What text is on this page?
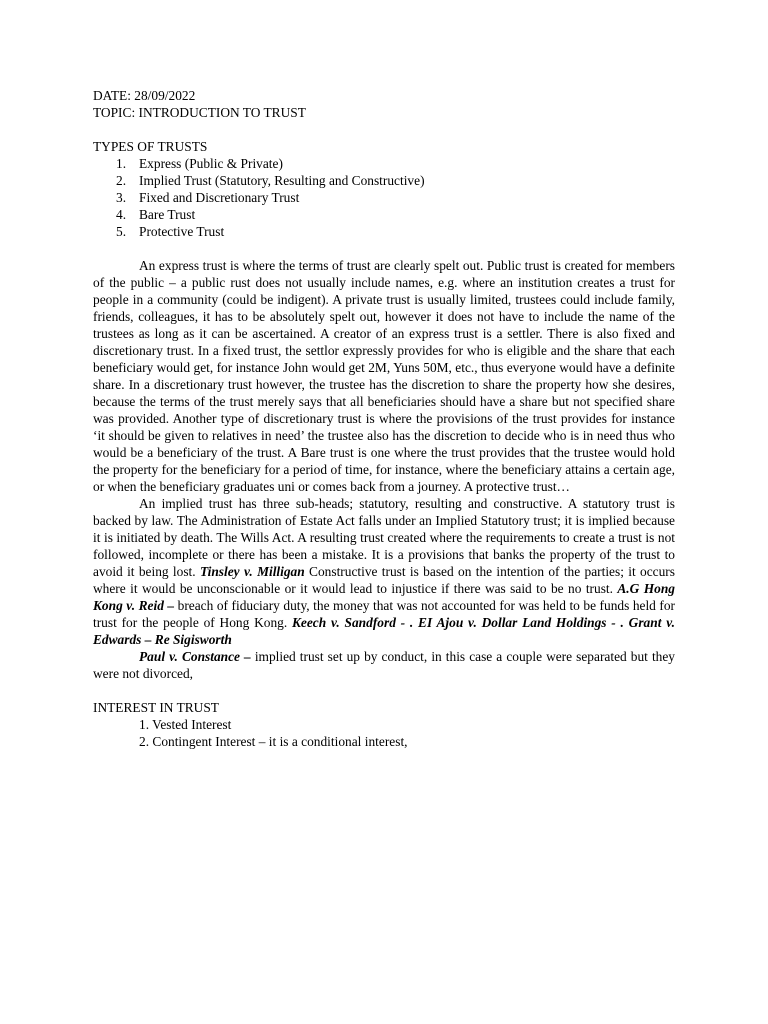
DATE: 28/09/2022

TOPIC: INTRODUCTION TO TRUST

TYPES OF TRUSTS

1. Express (Public & Private)
2. Implied Trust (Statutory, Resulting and Constructive)
3. Fixed and Discretionary Trust
4. Bare Trust
5. Protective Trust

An express trust is where the terms of trust are clearly spelt out. Public trust is created for members of the public – a public rust does not usually include names, e.g. where an institution creates a trust for people in a community (could be indigent). A private trust is usually limited, trustees could include family, friends, colleagues, it has to be absolutely spelt out, however it does not have to include the name of the trustees as long as it can be ascertained. A creator of an express trust is a settler. There is also fixed and discretionary trust. In a fixed trust, the settlor expressly provides for who is eligible and the share that each beneficiary would get, for instance John would get 2M, Yuns 50M, etc., thus everyone would have a definite share. In a discretionary trust however, the trustee has the discretion to share the property how she desires, because the terms of the trust merely says that all beneficiaries should have a share but not specified share was provided. Another type of discretionary trust is where the provisions of the trust provides for instance ‘it should be given to relatives in need’ the trustee also has the discretion to decide who is in need thus who would be a beneficiary of the trust. A Bare trust is one where the trust provides that the trustee would hold the property for the beneficiary for a period of time, for instance, where the beneficiary attains a certain age, or when the beneficiary graduates uni or comes back from a journey. A protective trust…

An implied trust has three sub-heads; statutory, resulting and constructive. A statutory trust is backed by law. The Administration of Estate Act falls under an Implied Statutory trust; it is implied because it is initiated by death. The Wills Act. A resulting trust created where the requirements to create a trust is not followed, incomplete or there has been a mistake. It is a provisions that banks the property of the trust to avoid it being lost. Tinsley v. Milligan Constructive trust is based on the intention of the parties; it occurs where it would be unconscionable or it would lead to injustice if there was said to be no trust. A.G Hong Kong v. Reid – breach of fiduciary duty, the money that was not accounted for was held to be funds held for trust for the people of Hong Kong. Keech v. Sandford - . EI Ajou v. Dollar Land Holdings - . Grant v. Edwards – Re Sigisworth

Paul v. Constance – implied trust set up by conduct, in this case a couple were separated but they were not divorced,

INTEREST IN TRUST

1. Vested Interest
2. Contingent Interest – it is a conditional interest,
